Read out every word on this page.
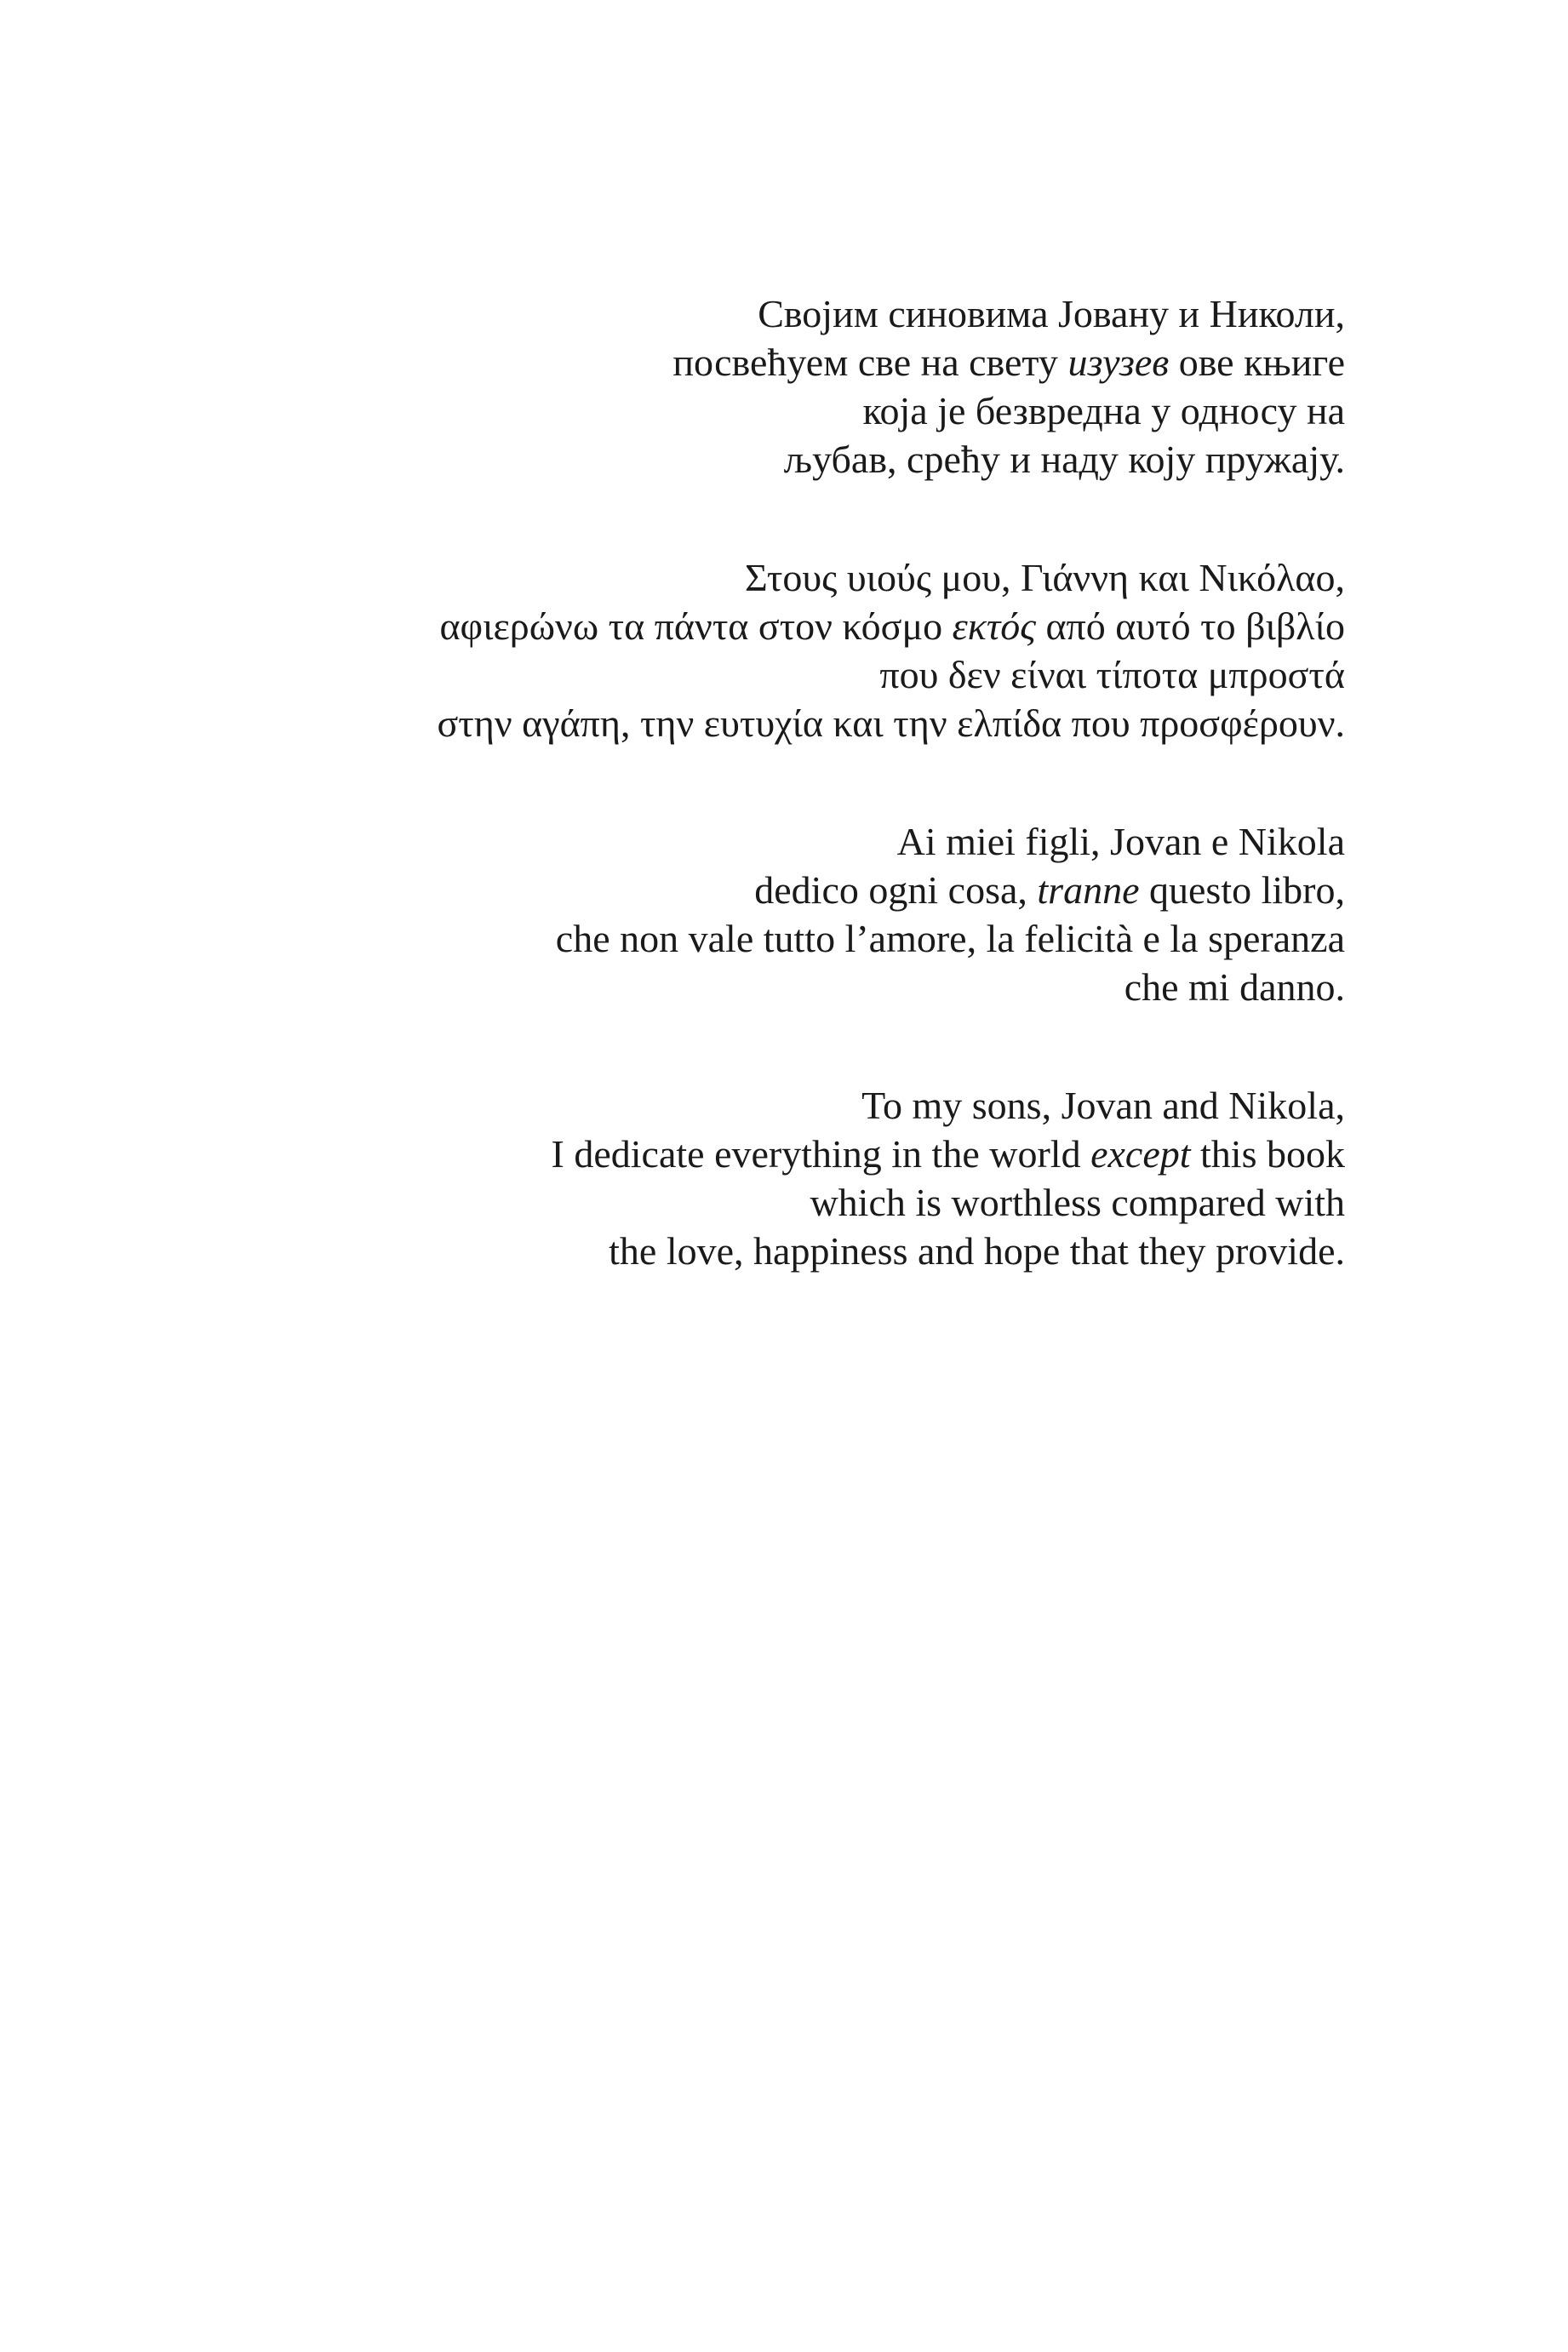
Својим синовима Јовану и Николи,
посвећуем све на свету изузев ове књиге
која је безвредна у односу на
љубав, срећу и наду коју пружају.
Στους υιούς μου, Γιάννη και Νικόλαο,
αφιερώνω τα πάντα στον κόσμο εκτός από αυτό το βιβλίο
που δεν είναι τίποτα μπροστά
στην αγάπη, την ευτυχία και την ελπίδα που προσφέρουν.
Ai miei figli, Jovan e Nikola
dedico ogni cosa, tranne questo libro,
che non vale tutto l’amore, la felicità e la speranza
che mi danno.
To my sons, Jovan and Nikola,
I dedicate everything in the world except this book
which is worthless compared with
the love, happiness and hope that they provide.
